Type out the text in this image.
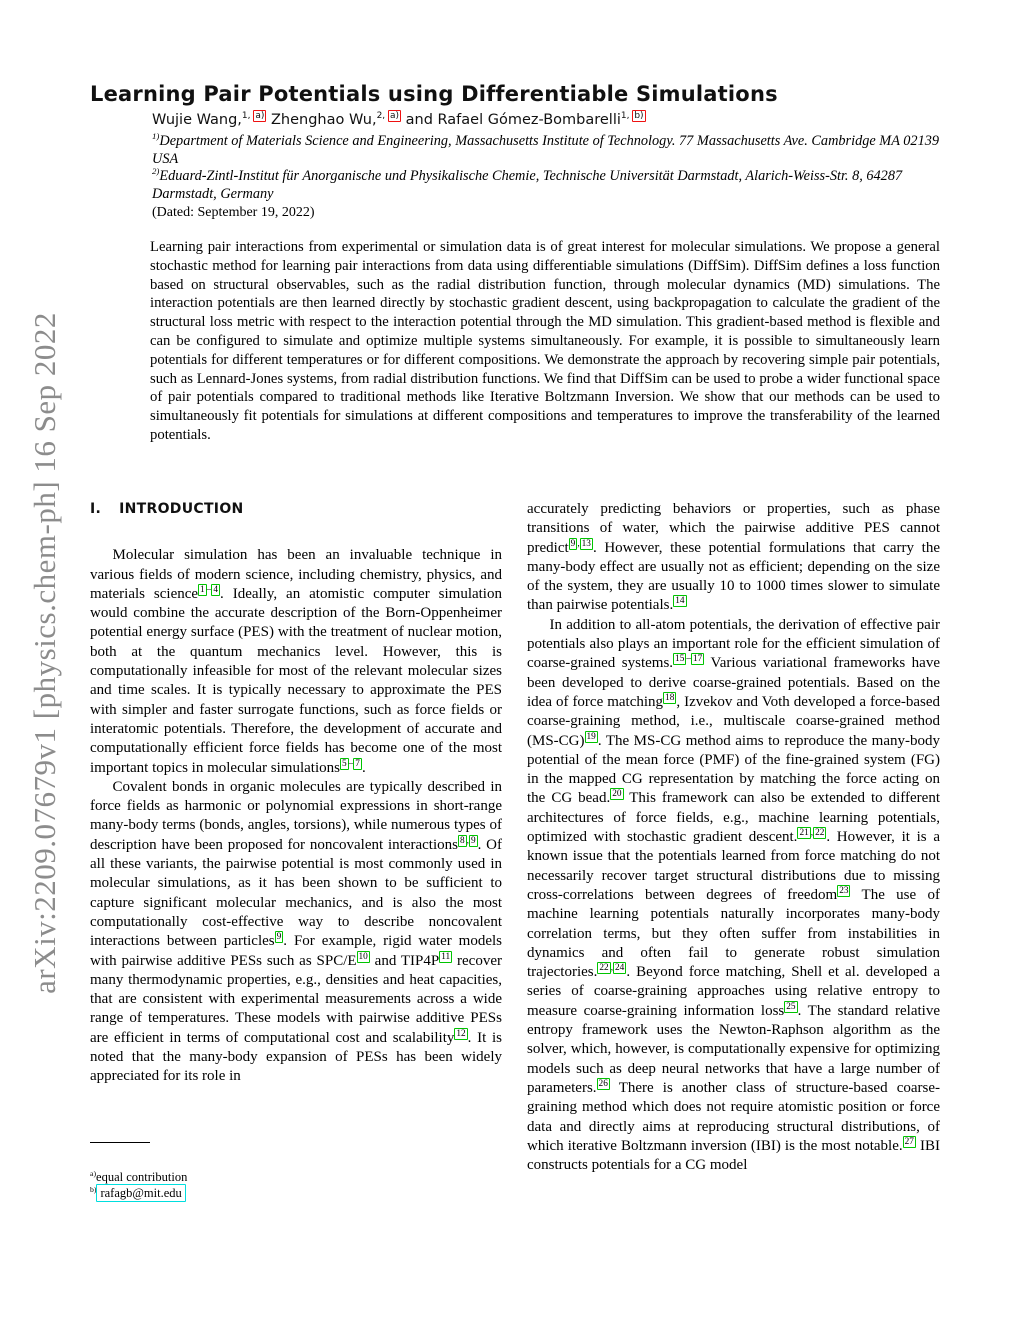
arXiv:2209.07679v1 [physics.chem-ph] 16 Sep 2022
Learning Pair Potentials using Differentiable Simulations
Wujie Wang,$^{1,}$ $^{a)}$ Zhenghao Wu,$^{2,}$ $^{a)}$ and Rafael Gómez-Bombarelli$^{1,}$ $^{b)}$

$^{1)}$Department of Materials Science and Engineering, Massachusetts Institute of Technology. 77 Massachusetts Ave. Cambridge MA 02139 USA

$^{2)}$Eduard-Zintl-Institut für Anorganische und Physikalische Chemie, Technische Universität Darmstadt, Alarich-Weiss-Str. 8, 64287 Darmstadt, Germany

(Dated: September 19, 2022)
Learning pair interactions from experimental or simulation data is of great interest for molecular simulations. We propose a general stochastic method for learning pair interactions from data using differentiable simulations (DiffSim). DiffSim defines a loss function based on structural observables, such as the radial distribution function, through molecular dynamics (MD) simulations. The interaction potentials are then learned directly by stochastic gradient descent, using backpropagation to calculate the gradient of the structural loss metric with respect to the interaction potential through the MD simulation. This gradient-based method is flexible and can be configured to simulate and optimize multiple systems simultaneously. For example, it is possible to simultaneously learn potentials for different temperatures or for different compositions. We demonstrate the approach by recovering simple pair potentials, such as Lennard-Jones systems, from radial distribution functions. We find that DiffSim can be used to probe a wider functional space of pair potentials compared to traditional methods like Iterative Boltzmann Inversion. We show that our methods can be used to simultaneously fit potentials for simulations at different compositions and temperatures to improve the transferability of the learned potentials.
I. INTRODUCTION

Molecular simulation has been an invaluable technique in various fields of modern science, including chemistry, physics, and materials science $^{1 - 4}$ . Ideally, an atomistic computer simulation would combine the accurate description of the Born-Oppenheimer potential energy surface (PES) with the treatment of nuclear motion, both at the quantum mechanics level. However, this is computationally infeasible for most of the relevant molecular sizes and time scales. It is typically necessary to approximate the PES with simpler and faster surrogate functions, such as force fields or interatomic potentials. Therefore, the development of accurate and computationally efficient force fields has become one of the most important topics in molecular simulations $^{5 - 7}$ .

Covalent bonds in organic molecules are typically described in force fields as harmonic or polynomial expressions in short-range many-body terms (bonds, angles, torsions), while numerous types of description have been proposed for noncovalent interactions $^{8 , 9}$ . Of all these variants, the pairwise potential is most commonly used in molecular simulations, as it has been shown to be sufficient to capture significant molecular mechanics, and is also the most computationally cost-effective way to describe noncovalent interactions between particles $^9$ . For example, rigid water models with pairwise additive PESs such as SPC/E $^{10}$ and TIP4P $^{11}$ recover many thermodynamic properties, e.g., densities and heat capacities, that are consistent with experimental measurements across a wide range of temperatures. These models with pairwise additive PESs are efficient in terms of computational cost and scalability $^{12}$ . It is noted that the many-body expansion of PESs has been widely appreciated for its role in

$^{a)}$equal contribution
$^{b)}$ rafagb@mit.edu

accurately predicting behaviors or properties, such as phase transitions of water, which the pairwise additive PES cannot predict $^{9 , 13}$ . However, these potential formulations that carry the many-body effect are usually not as efficient; depending on the size of the system, they are usually 10 to 1000 times slower to simulate than pairwise potentials. $^{14}$

In addition to all-atom potentials, the derivation of effective pair potentials also plays an important role for the efficient simulation of coarse-grained systems. $^{15 - 17}$ Various variational frameworks have been developed to derive coarse-grained potentials. Based on the idea of force matching $^{18}$ , Izvekov and Voth developed a force-based coarse-graining method, i.e., multiscale coarse-grained method (MS-CG) $^{19}$ . The MS-CG method aims to reproduce the many-body potential of the mean force (PMF) of the fine-grained system (FG) in the mapped CG representation by matching the force acting on the CG bead. $^{20}$ This framework can also be extended to different architectures of force fields, e.g., machine learning potentials, optimized with stochastic gradient descent. $^{21 , 22}$ . However, it is a known issue that the potentials learned from force matching do not necessarily recover target structural distributions due to missing cross-correlations between degrees of freedom $^{23}$ The use of machine learning potentials naturally incorporates many-body correlation terms, but they often suffer from instabilities in dynamics and often fail to generate robust simulation trajectories. $^{22 , 24}$ . Beyond force matching, Shell et al. developed a series of coarse-graining approaches using relative entropy to measure coarse-graining information loss $^{25}$ . The standard relative entropy framework uses the Newton-Raphson algorithm as the solver, which, however, is computationally expensive for optimizing models such as deep neural networks that have a large number of parameters. $^{26}$ There is another class of structure-based coarse-graining method which does not require atomistic position or force data and directly aims at reproducing structural distributions, of which iterative Boltzmann inversion (IBI) is the most notable. $^{27}$ IBI constructs potentials for a CG model
